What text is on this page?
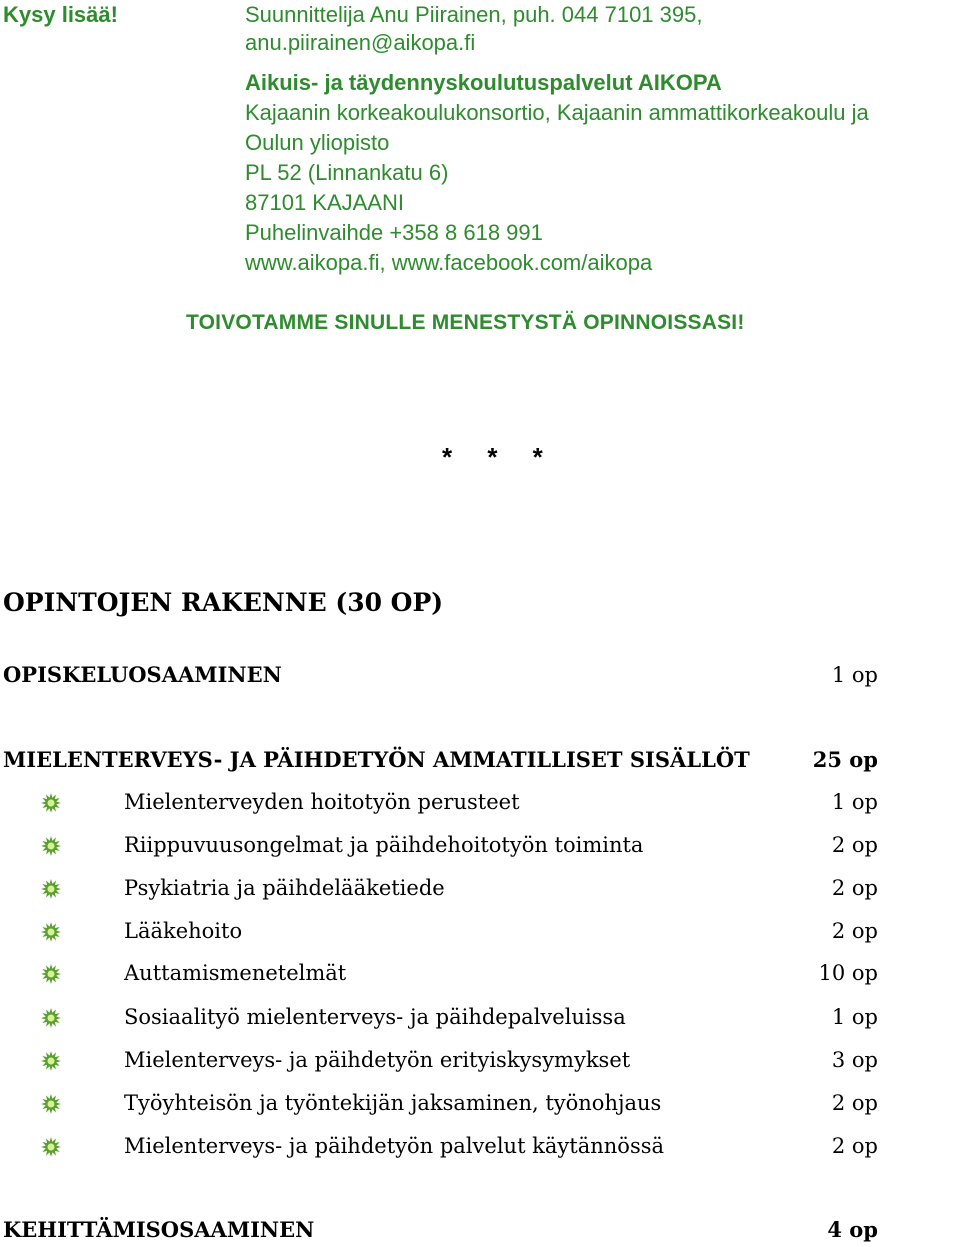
Kysy lisää!	Suunnittelija Anu Piirainen, puh. 044 7101 395,
anu.piirainen@aikopa.fi
Aikuis- ja täydennyskoulutuspalvelut AIKOPA
Kajaanin korkeakoulukonsortio, Kajaanin ammattikorkeakoulu ja
Oulun yliopisto
PL 52 (Linnankatu 6)
87101 KAJAANI
Puhelinvaihde +358 8 618 991
www.aikopa.fi, www.facebook.com/aikopa
TOIVOTAMME SINULLE MENESTYSTÄ OPINNOISSASI!
* * *
OPINTOJEN RAKENNE (30 OP)
OPISKELUOSAAMINEN	1 op
MIELENTERVEYS- JA PÄIHDETYÖN AMMATILLISET SISÄLLÖT	25 op
Mielenterveyden hoitotyön perusteet	1 op
Riippuvuusongelmat ja päihdehoitotyön toiminta	2 op
Psykiatria ja päihdelääketiede	2 op
Lääkehoito	2 op
Auttamismenetelmät	10 op
Sosiaalityö mielenterveys- ja päihdepalveluissa	1 op
Mielenterveys- ja päihdetyön erityiskysymykset	3 op
Työyhteisön ja työntekijän jaksaminen, työnohjaus	2 op
Mielenterveys- ja päihdetyön palvelut käytännössä	2 op
KEHITTÄMISOSAAMINEN	4 op
